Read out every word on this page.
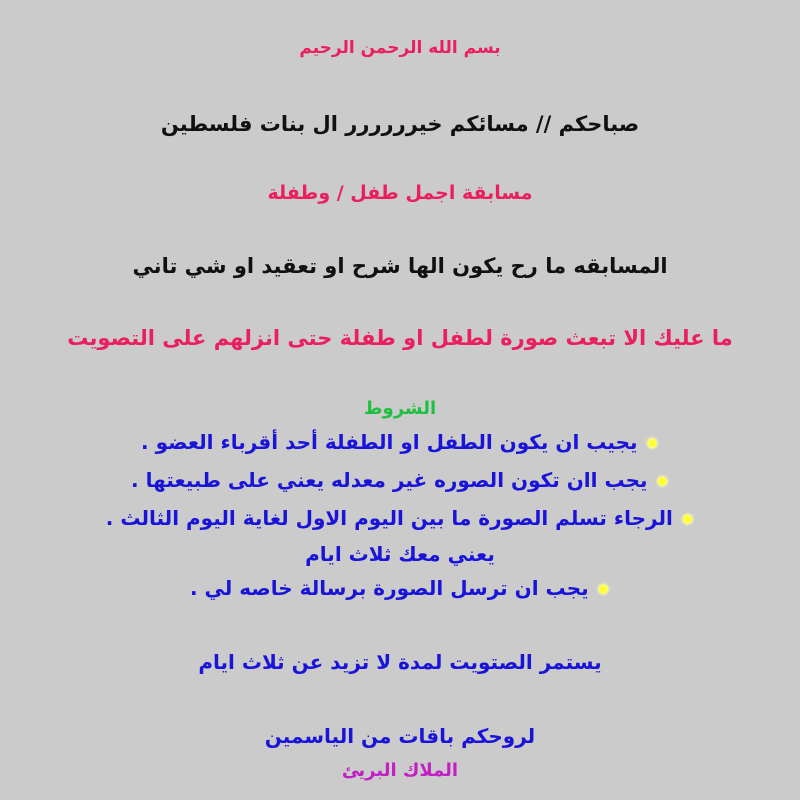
بسم الله الرحمن الرحيم
صباحكم // مسائكم خيرررررر ال بنات فلسطين
مسابقة اجمل طفل / وطفلة
المسابقه ما رح يكون الها شرح او تعقيد او شي تاني
ما عليك الا تبعث صورة لطفل او طفلة حتى انزلهم على التصويت
الشروط
✸يجيب ان يكون الطفل او الطفلة أحد أقرباء العضو .
✸يجب اان تكون الصوره غير معدله يعني على طبيعتها .
✸الرجاء تسلم الصورة ما بين اليوم الاول لغاية اليوم الثالث .
يعني معك ثلاث ايام
✸يجب ان ترسل الصورة برسالة خاصه لي .
يستمر الصتويت لمدة لا تزيد عن ثلاث ايام
لروحكم باقات من الياسمين
الملاك البريئ
